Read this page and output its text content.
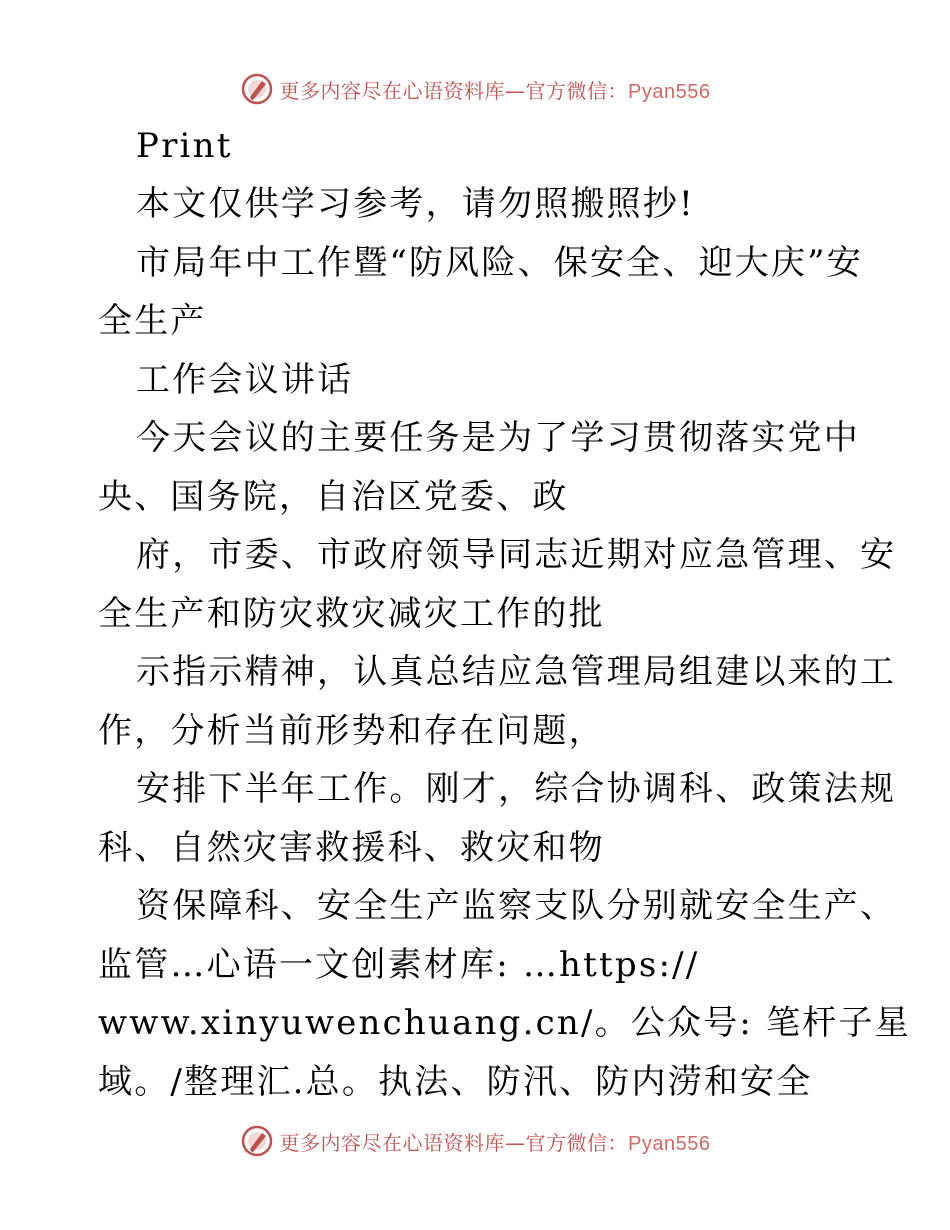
更多内容尽在心语资料库—官方微信：Pyan556
Print
本文仅供学习参考，请勿照搬照抄!
市局年中工作暨“防风险、保安全、迎大庆”安
全生产
工作会议讲话
今天会议的主要任务是为了学习贯彻落实党中
央、国务院，自治区党委、政
府，市委、市政府领导同志近期对应急管理、安
全生产和防灾救灾减灾工作的批
示指示精神，认真总结应急管理局组建以来的工
作，分析当前形势和存在问题，
安排下半年工作。刚才，综合协调科、政策法规
科、自然灾害救援科、救灾和物
资保障科、安全生产监察支队分别就安全生产、
监管…心语一文创素材库: …https://
www.xinyuwenchuang.cn/。公众号: 笔杆子星
域。/整理汇.总。执法、防汛、防内涝和安全
更多内容尽在心语资料库—官方微信：Pyan556
